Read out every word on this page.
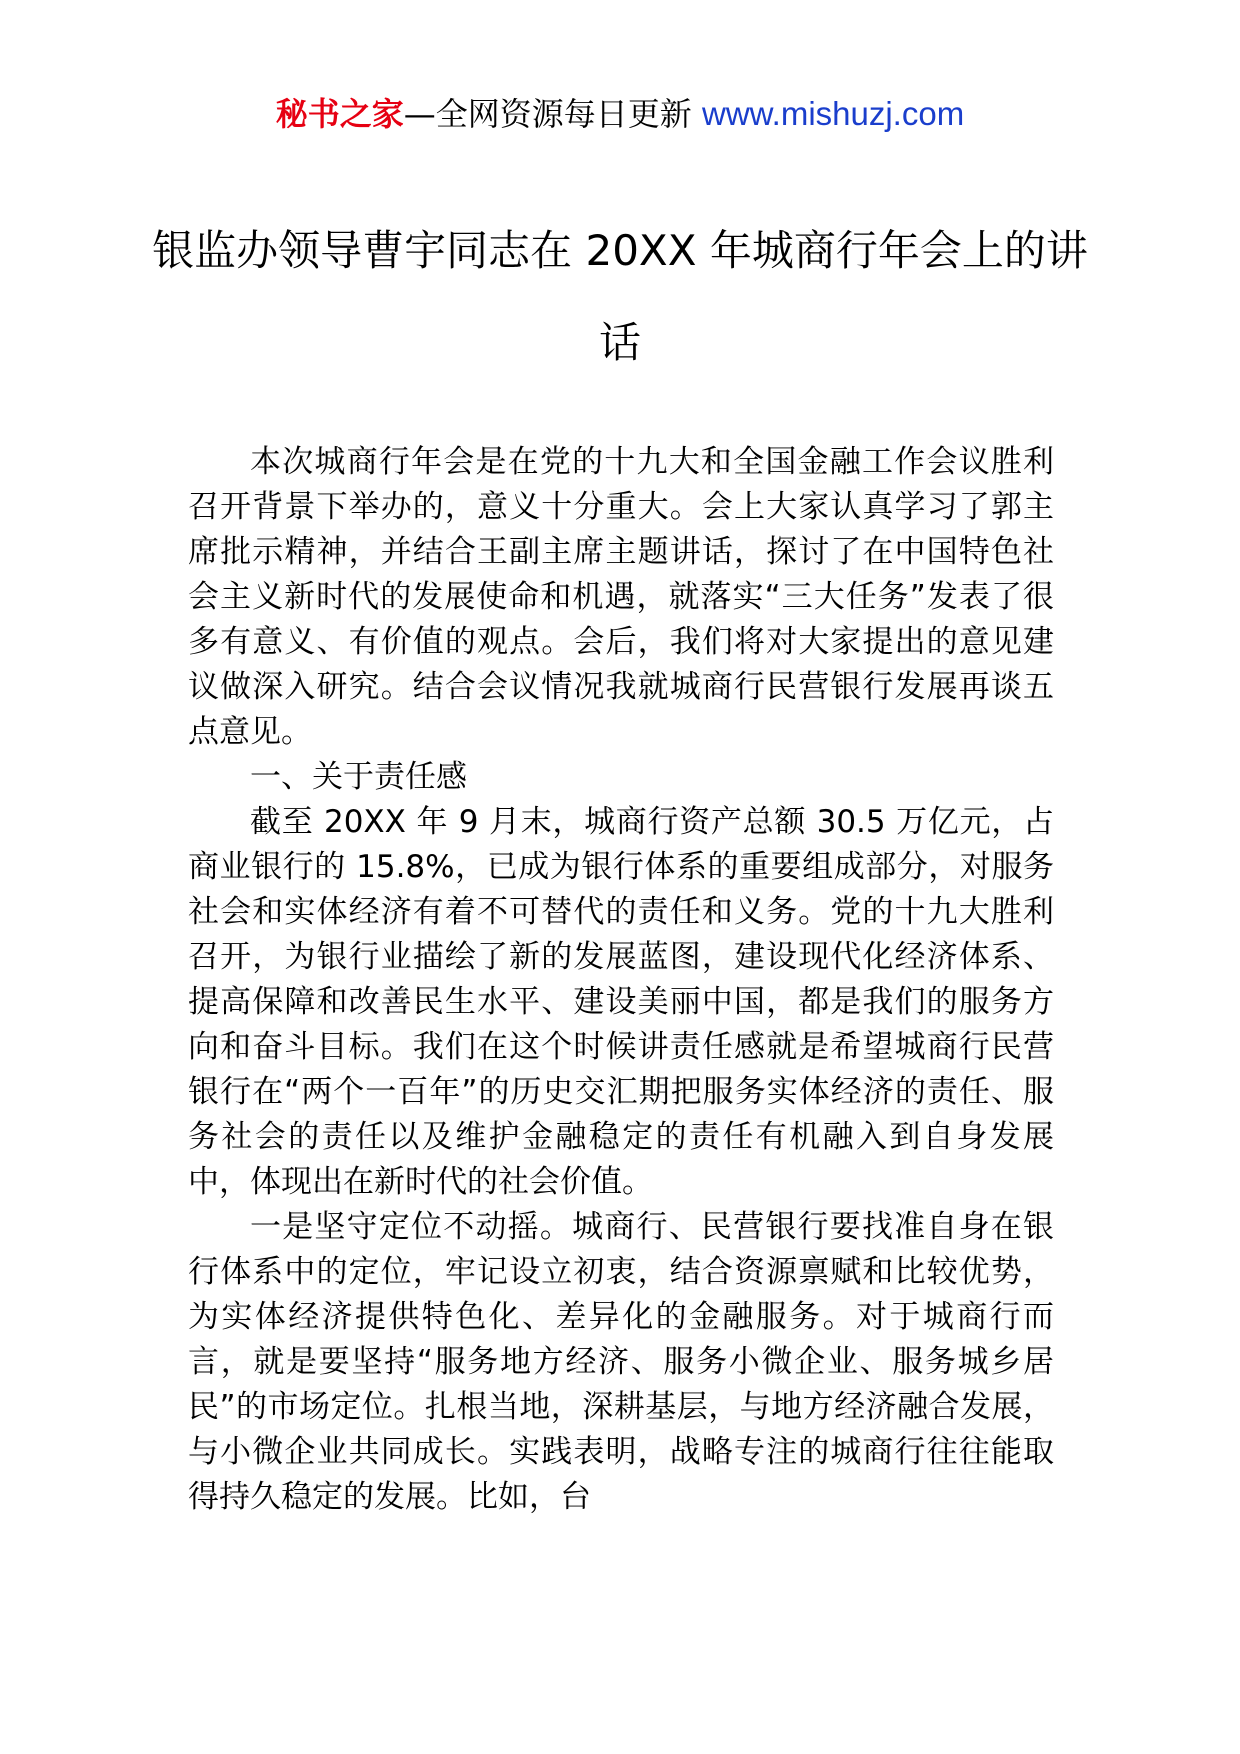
秘书之家—全网资源每日更新 www.mishuzj.com
银监办领导曹宇同志在 20XX 年城商行年会上的讲话

本次城商行年会是在党的十九大和全国金融工作会议胜利召开背景下举办的，意义十分重大。会上大家认真学习了郭主席批示精神，并结合王副主席主题讲话，探讨了在中国特色社会主义新时代的发展使命和机遇，就落实“三大任务”发表了很多有意义、有价值的观点。会后，我们将对大家提出的意见建议做深入研究。结合会议情况我就城商行民营银行发展再谈五点意见。

一、关于责任感

截至 20XX 年 9 月末，城商行资产总额 30.5 万亿元，占商业银行的 15.8%，已成为银行体系的重要组成部分，对服务社会和实体经济有着不可替代的责任和义务。党的十九大胜利召开，为银行业描绘了新的发展蓝图，建设现代化经济体系、提高保障和改善民生水平、建设美丽中国，都是我们的服务方向和奋斗目标。我们在这个时候讲责任感就是希望城商行民营银行在“两个一百年”的历史交汇期把服务实体经济的责任、服务社会的责任以及维护金融稳定的责任有机融入到自身发展中，体现出在新时代的社会价值。

一是坚守定位不动摇。城商行、民营银行要找准自身在银行体系中的定位，牢记设立初衷，结合资源禀赋和比较优势，为实体经济提供特色化、差异化的金融服务。对于城商行而言，就是要坚持“服务地方经济、服务小微企业、服务城乡居民”的市场定位。扎根当地，深耕基层，与地方经济融合发展，与小微企业共同成长。实践表明，战略专注的城商行往往能取得持久稳定的发展。比如，台
